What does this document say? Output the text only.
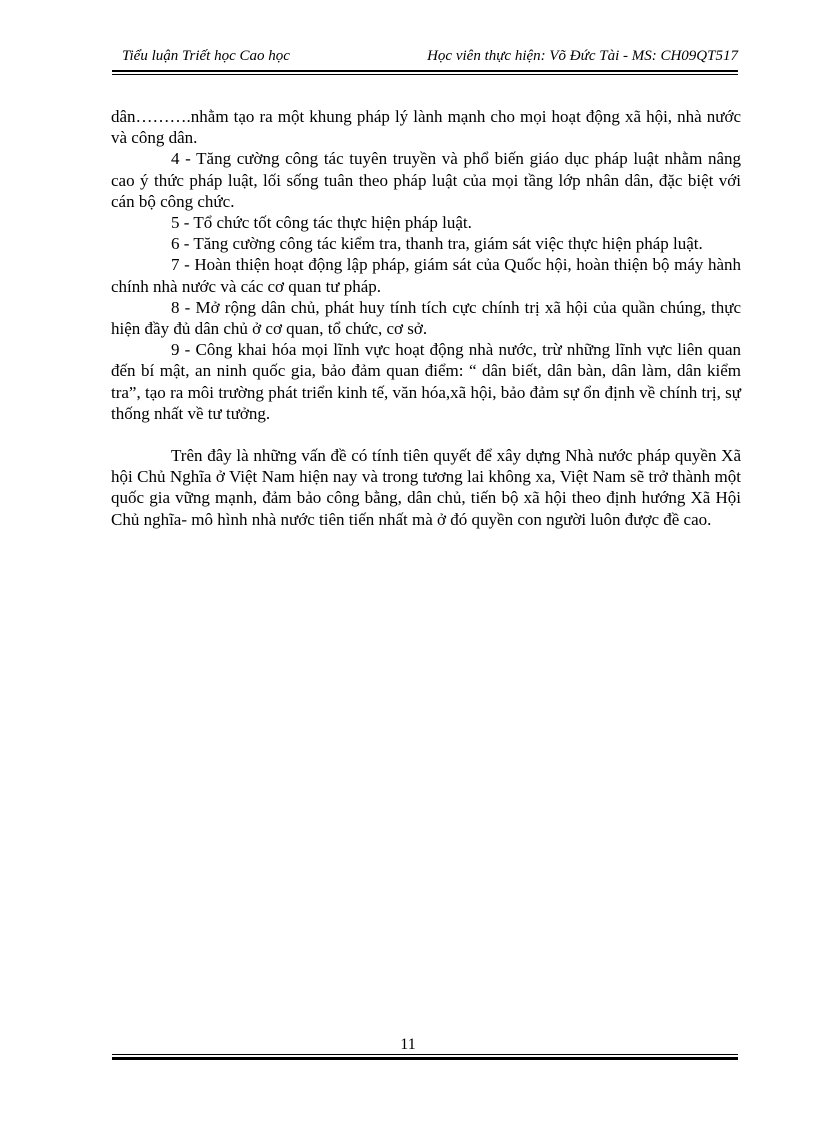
Tiểu luận Triết học Cao học	Học viên thực hiện: Võ Đức Tài - MS: CH09QT517

dân……….nhằm tạo ra một khung pháp lý lành mạnh cho mọi hoạt động xã hội, nhà nước và công dân.

4 - Tăng cường công tác tuyên truyền và phổ biến giáo dục pháp luật nhằm nâng cao ý thức pháp luật, lối sống tuân theo pháp luật của mọi tầng lớp nhân dân, đặc biệt với cán bộ công chức.

5 - Tổ chức tốt công tác thực hiện pháp luật.

6 - Tăng cường công tác kiểm tra, thanh tra, giám sát việc thực hiện pháp luật.

7 - Hoàn thiện hoạt động lập pháp, giám sát của Quốc hội, hoàn thiện bộ máy hành chính nhà nước và các cơ quan tư pháp.

8 - Mở rộng dân chủ, phát huy tính tích cực chính trị xã hội của quần chúng, thực hiện đầy đủ dân chủ ở cơ quan, tổ chức, cơ sở.

9 - Công khai hóa mọi lĩnh vực hoạt động nhà nước, trừ những lĩnh vực liên quan đến bí mật, an ninh quốc gia, bảo đảm quan điểm: “ dân biết, dân bàn, dân làm, dân kiểm tra”, tạo ra môi trường phát triển kinh tế, văn hóa,xã hội, bảo đảm sự ổn định về chính trị, sự thống nhất về tư tưởng.

Trên đây là những vấn đề có tính tiên quyết để xây dựng Nhà nước pháp quyền Xã hội Chủ Nghĩa ở Việt Nam hiện nay và trong tương lai không xa, Việt Nam sẽ trở thành một quốc gia vững mạnh, đảm bảo công bằng, dân chủ, tiến bộ xã hội theo định hướng Xã Hội Chủ nghĩa- mô hình nhà nước tiên tiến nhất mà ở đó quyền con người luôn được đề cao.

11
